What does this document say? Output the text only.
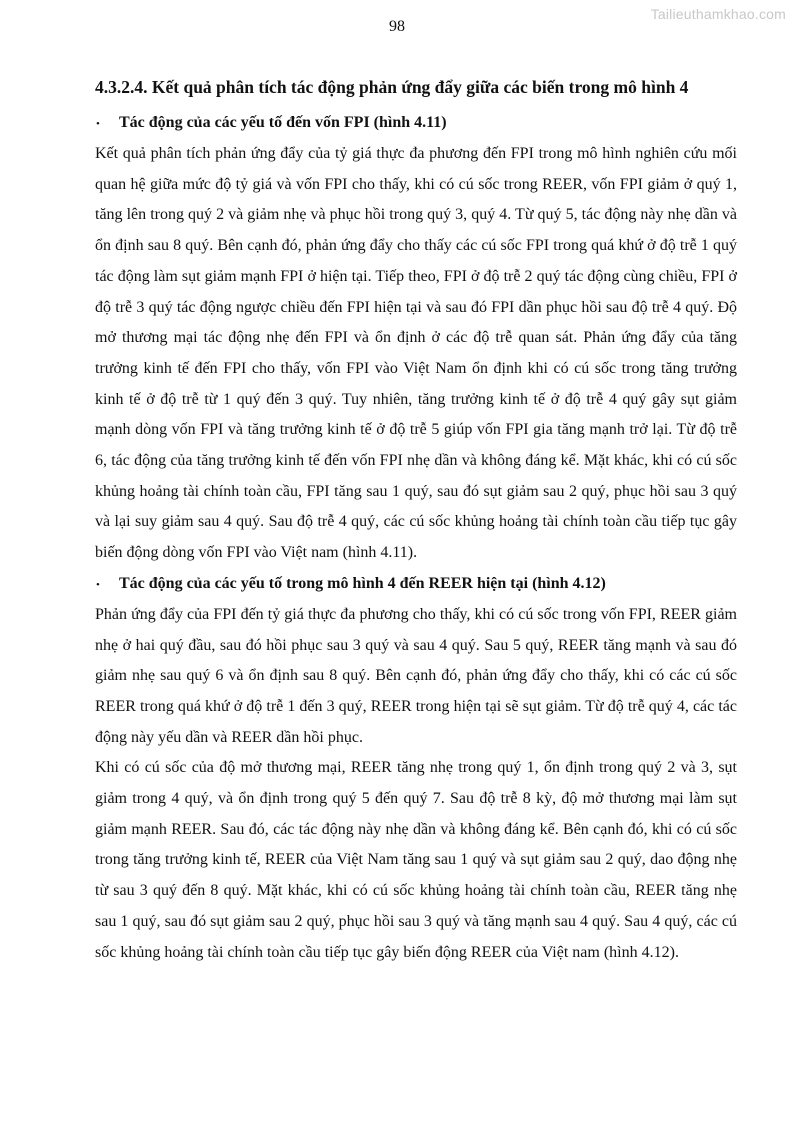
Tailieuthamkhao.com
98
4.3.2.4. Kết quả phân tích tác động phản ứng đẩy giữa các biến trong mô hình 4

•	Tác động của các yếu tố đến vốn FPI (hình 4.11)

Kết quả phân tích phản ứng đẩy của tỷ giá thực đa phương đến FPI trong mô hình nghiên cứu mối quan hệ giữa mức độ tỷ giá và vốn FPI cho thấy, khi có cú sốc trong REER, vốn FPI giảm ở quý 1, tăng lên trong quý 2 và giảm nhẹ và phục hồi trong quý 3, quý 4. Từ quý 5, tác động này nhẹ dần và ổn định sau 8 quý. Bên cạnh đó, phản ứng đẩy cho thấy các cú sốc FPI trong quá khứ ở độ trễ 1 quý tác động làm sụt giảm mạnh FPI ở hiện tại. Tiếp theo, FPI ở độ trễ 2 quý tác động cùng chiều, FPI ở độ trễ 3 quý tác động ngược chiều đến FPI hiện tại và sau đó FPI dần phục hồi sau độ trễ 4 quý. Độ mở thương mại tác động nhẹ đến FPI và ổn định ở các độ trễ quan sát. Phản ứng đẩy của tăng trưởng kinh tế đến FPI cho thấy, vốn FPI vào Việt Nam ổn định khi có cú sốc trong tăng trưởng kinh tế ở độ trễ từ 1 quý đến 3 quý. Tuy nhiên, tăng trưởng kinh tế ở độ trễ 4 quý gây sụt giảm mạnh dòng vốn FPI và tăng trưởng kinh tế ở độ trễ 5 giúp vốn FPI gia tăng mạnh trở lại. Từ độ trễ 6, tác động của tăng trưởng kinh tế đến vốn FPI nhẹ dần và không đáng kể. Mặt khác, khi có cú sốc khủng hoảng tài chính toàn cầu, FPI tăng sau 1 quý, sau đó sụt giảm sau 2 quý, phục hồi sau 3 quý và lại suy giảm sau 4 quý. Sau độ trễ 4 quý, các cú sốc khủng hoảng tài chính toàn cầu tiếp tục gây biến động dòng vốn FPI vào Việt nam (hình 4.11).

•	Tác động của các yếu tố trong mô hình 4 đến REER hiện tại (hình 4.12)

Phản ứng đẩy của FPI đến tỷ giá thực đa phương cho thấy, khi có cú sốc trong vốn FPI, REER giảm nhẹ ở hai quý đầu, sau đó hồi phục sau 3 quý và sau 4 quý. Sau 5 quý, REER tăng mạnh và sau đó giảm nhẹ sau quý 6 và ổn định sau 8 quý. Bên cạnh đó, phản ứng đẩy cho thấy, khi có các cú sốc REER trong quá khứ ở độ trễ 1 đến 3 quý, REER trong hiện tại sẽ sụt giảm. Từ độ trễ quý 4, các tác động này yếu dần và REER dần hồi phục.

Khi có cú sốc của độ mở thương mại, REER tăng nhẹ trong quý 1, ổn định trong quý 2 và 3, sụt giảm trong 4 quý, và ổn định trong quý 5 đến quý 7. Sau độ trễ 8 kỳ, độ mở thương mại làm sụt giảm mạnh REER. Sau đó, các tác động này nhẹ dần và không đáng kể. Bên cạnh đó, khi có cú sốc trong tăng trưởng kinh tế, REER của Việt Nam tăng sau 1 quý và sụt giảm sau 2 quý, dao động nhẹ từ sau 3 quý đến 8 quý. Mặt khác, khi có cú sốc khủng hoảng tài chính toàn cầu, REER tăng nhẹ sau 1 quý, sau đó sụt giảm sau 2 quý, phục hồi sau 3 quý và tăng mạnh sau 4 quý. Sau 4 quý, các cú sốc khủng hoảng tài chính toàn cầu tiếp tục gây biến động REER của Việt nam (hình 4.12).
